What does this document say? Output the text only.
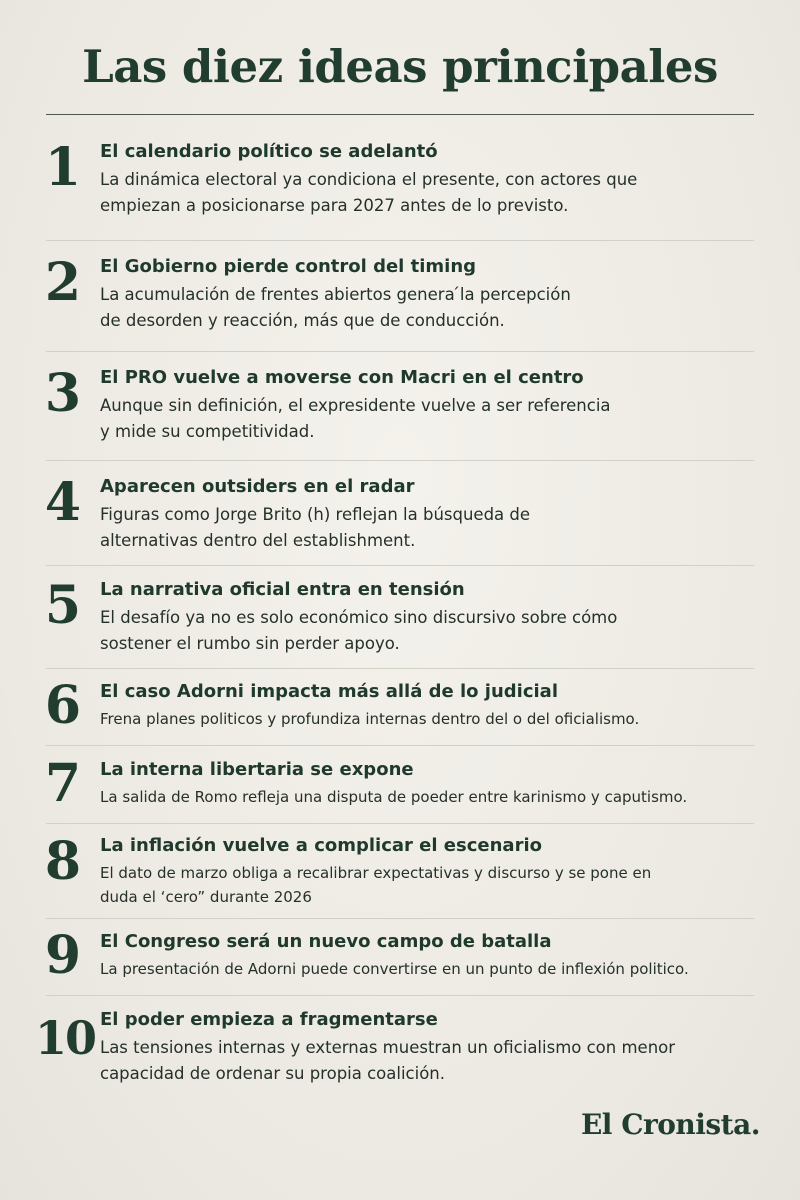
Las diez ideas principales
1	El calendario político se adelantó
La dinámica electoral ya condiciona el presente, con actores que
empiezan a posicionarse para 2027 antes de lo previsto.
2	El Gobierno pierde control del timing
La acumulación de frentes abiertos genera ́la percepción
de desorden y reacción, más que de conducción.
3	El PRO vuelve a moverse con Macri en el centro
Aunque sin definición, el expresidente vuelve a ser referencia
y mide su competitividad.
4	Aparecen outsiders en el radar
Figuras como Jorge Brito (h) reflejan la búsqueda de
alternativas dentro del establishment.
5	La narrativa oficial entra en tensión
El desafío ya no es solo económico sino discursivo sobre cómo
sostener el rumbo sin perder apoyo.
6	El caso Adorni impacta más allá de lo judicial
Frena planes politicos y profundiza internas dentro del o del oficialismo.
7	La interna libertaria se expone
La salida de Romo refleja una disputa de poeder entre karinismo y caputismo.
8	La inflación vuelve a complicar el escenario
El dato de marzo obliga a recalibrar expectativas y discurso y se pone en
duda el ‘cero” durante 2026
9	El Congreso será un nuevo campo de batalla
La presentación de Adorni puede convertirse en un punto de inflexión politico.
10 El poder empieza a fragmentarse
Las tensiones internas y externas muestran un oficialismo con menor
capacidad de ordenar su propia coalición.
El Cronista.
